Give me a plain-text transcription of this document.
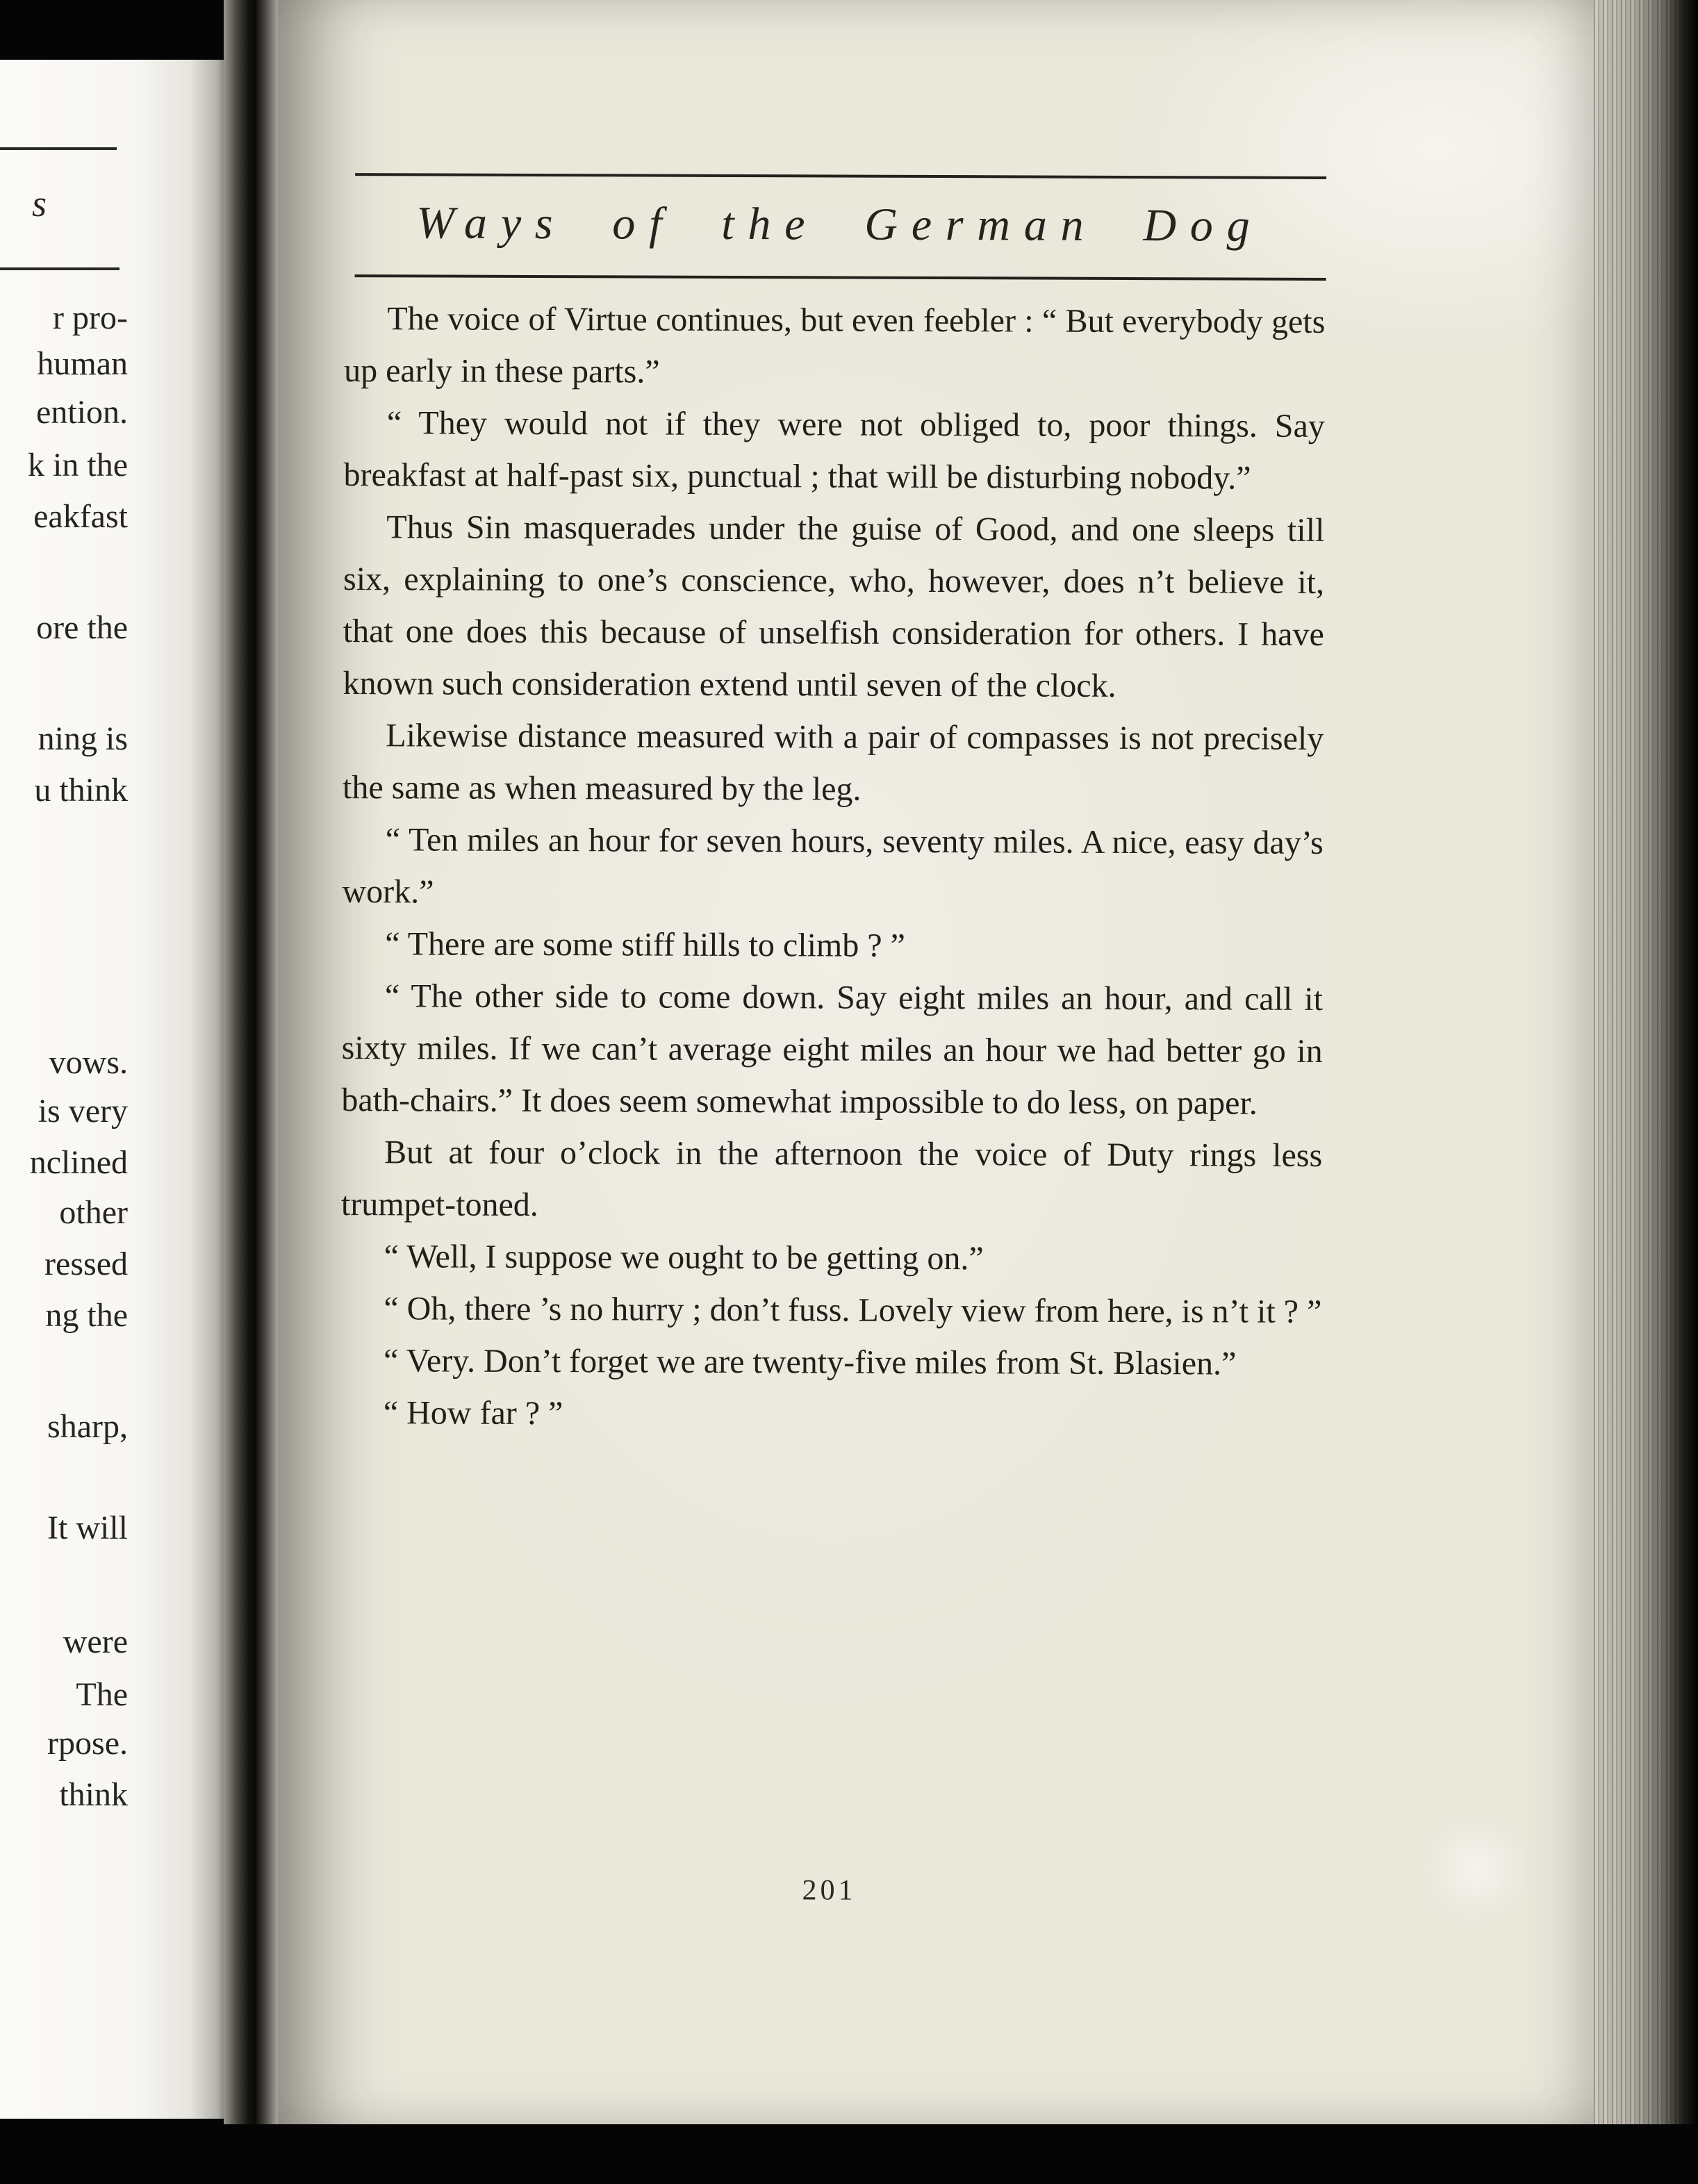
s
r pro-
human
ention.
k in the
eakfast
ore the
ning is
u think
vows.
is very
nclined
other
ressed
ng the
sharp,
It will
were
The
rpose.
think
Ways of the German Dog

The voice of Virtue continues, but even feebler : “ But everybody gets up early in these parts.”

“ They would not if they were not obliged to, poor things. Say breakfast at half-past six, punctual ; that will be disturbing nobody.”

Thus Sin masquerades under the guise of Good, and one sleeps till six, explaining to one’s conscience, who, however, does n’t believe it, that one does this because of unselfish consideration for others. I have known such consideration extend until seven of the clock.

Likewise distance measured with a pair of compasses is not precisely the same as when measured by the leg.

“ Ten miles an hour for seven hours, seventy miles. A nice, easy day’s work.”

“ There are some stiff hills to climb ? ”

“ The other side to come down. Say eight miles an hour, and call it sixty miles. If we can’t average eight miles an hour we had better go in bath-chairs.” It does seem somewhat impossible to do less, on paper.

But at four o’clock in the afternoon the voice of Duty rings less trumpet-toned.

“ Well, I suppose we ought to be getting on.”

“ Oh, there ’s no hurry ; don’t fuss. Lovely view from here, is n’t it ? ”

“ Very. Don’t forget we are twenty-five miles from St. Blasien.”

“ How far ? ”

201
